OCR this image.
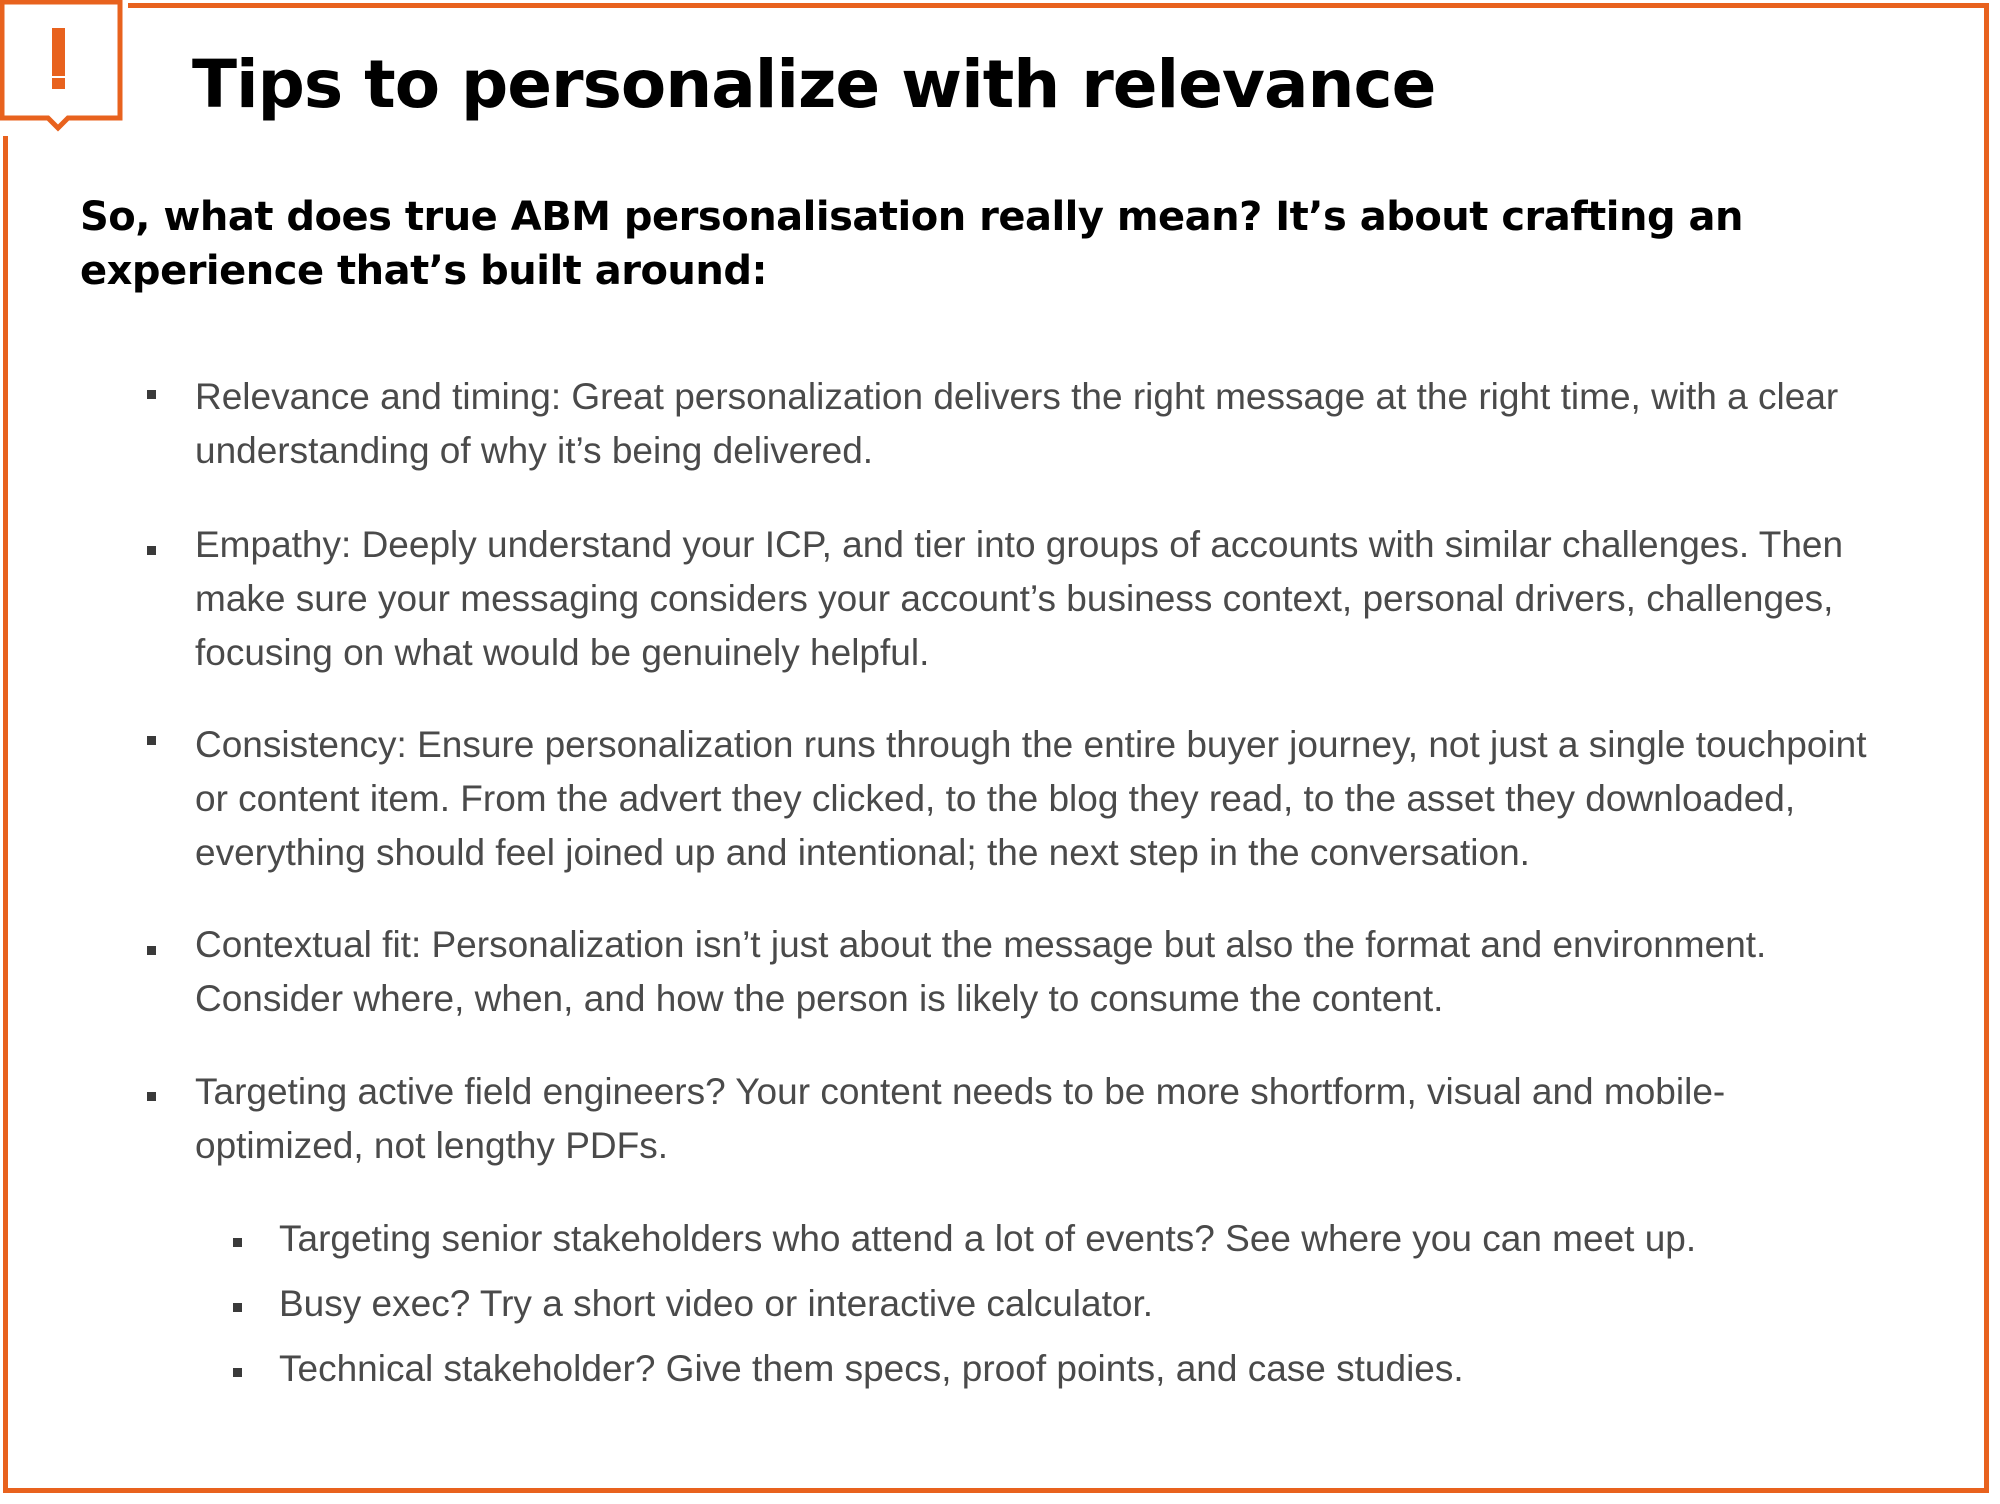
Tips to personalize with relevance

So, what does true ABM personalisation really mean? It’s about crafting an experience that’s built around:

Relevance and timing: Great personalization delivers the right message at the right time, with a clear understanding of why it’s being delivered.

Empathy: Deeply understand your ICP, and tier into groups of accounts with similar challenges. Then make sure your messaging considers your account’s business context, personal drivers, challenges, focusing on what would be genuinely helpful.

Consistency: Ensure personalization runs through the entire buyer journey, not just a single touchpoint or content item. From the advert they clicked, to the blog they read, to the asset they downloaded, everything should feel joined up and intentional; the next step in the conversation.

Contextual fit: Personalization isn’t just about the message but also the format and environment. Consider where, when, and how the person is likely to consume the content.

Targeting active field engineers? Your content needs to be more shortform, visual and mobile-optimized, not lengthy PDFs.

Targeting senior stakeholders who attend a lot of events? See where you can meet up.

Busy exec? Try a short video or interactive calculator.

Technical stakeholder? Give them specs, proof points, and case studies.
